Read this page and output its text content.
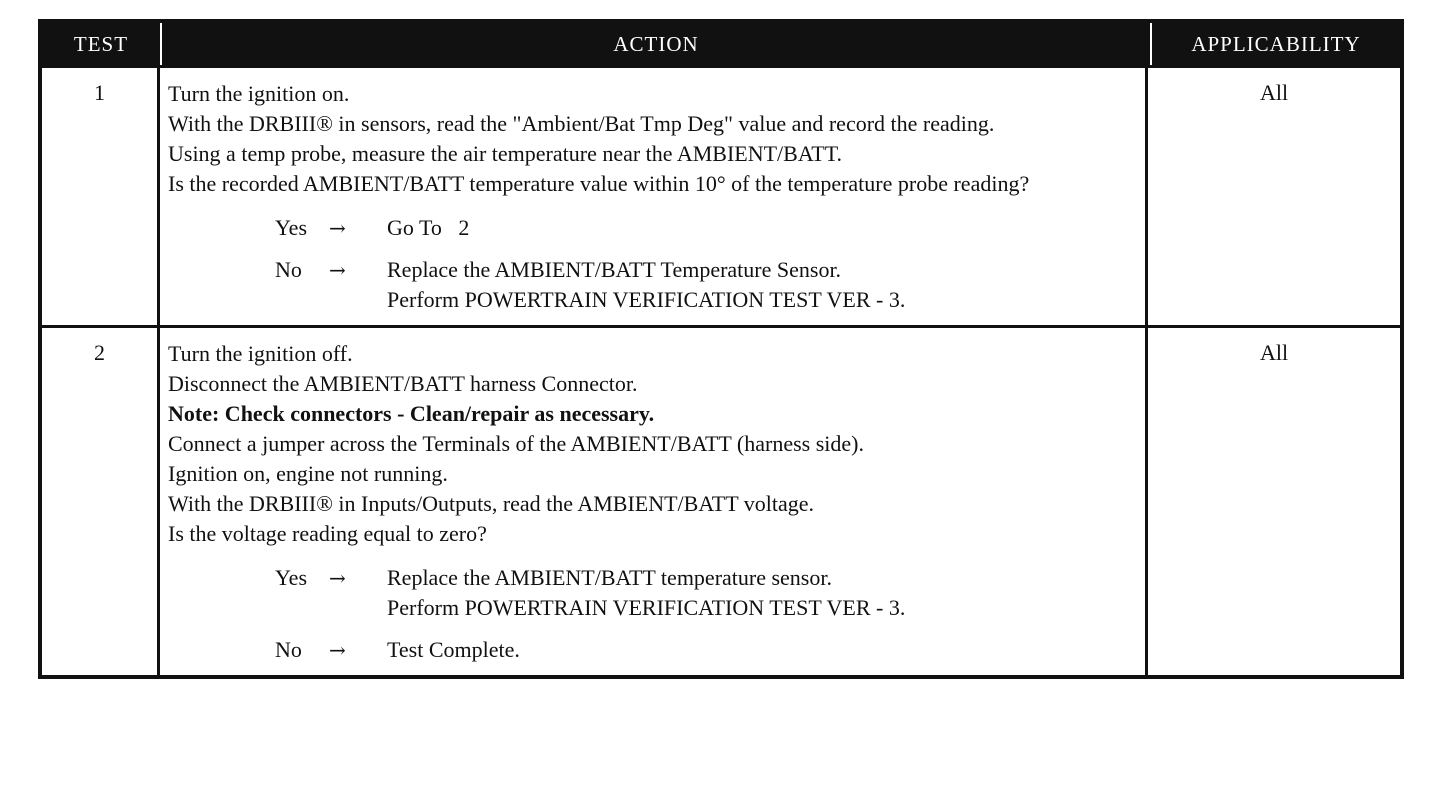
TEST	ACTION	APPLICABILITY
1	Turn the ignition on.
With the DRBIII® in sensors, read the "Ambient/Bat Tmp Deg" value and record the reading.
Using a temp probe, measure the air temperature near the AMBIENT/BATT.
Is the recorded AMBIENT/BATT temperature value within 10° of the temperature probe reading?
Yes	→	Go To   2
No	→	Replace the AMBIENT/BATT Temperature Sensor.
Perform POWERTRAIN VERIFICATION TEST VER - 3.
All
2	Turn the ignition off.
Disconnect the AMBIENT/BATT harness Connector.
Note: Check connectors - Clean/repair as necessary.
Connect a jumper across the Terminals of the AMBIENT/BATT (harness side).
Ignition on, engine not running.
With the DRBIII® in Inputs/Outputs, read the AMBIENT/BATT voltage.
Is the voltage reading equal to zero?
Yes	→	Replace the AMBIENT/BATT temperature sensor.
Perform POWERTRAIN VERIFICATION TEST VER - 3.
No	→	Test Complete.
All
